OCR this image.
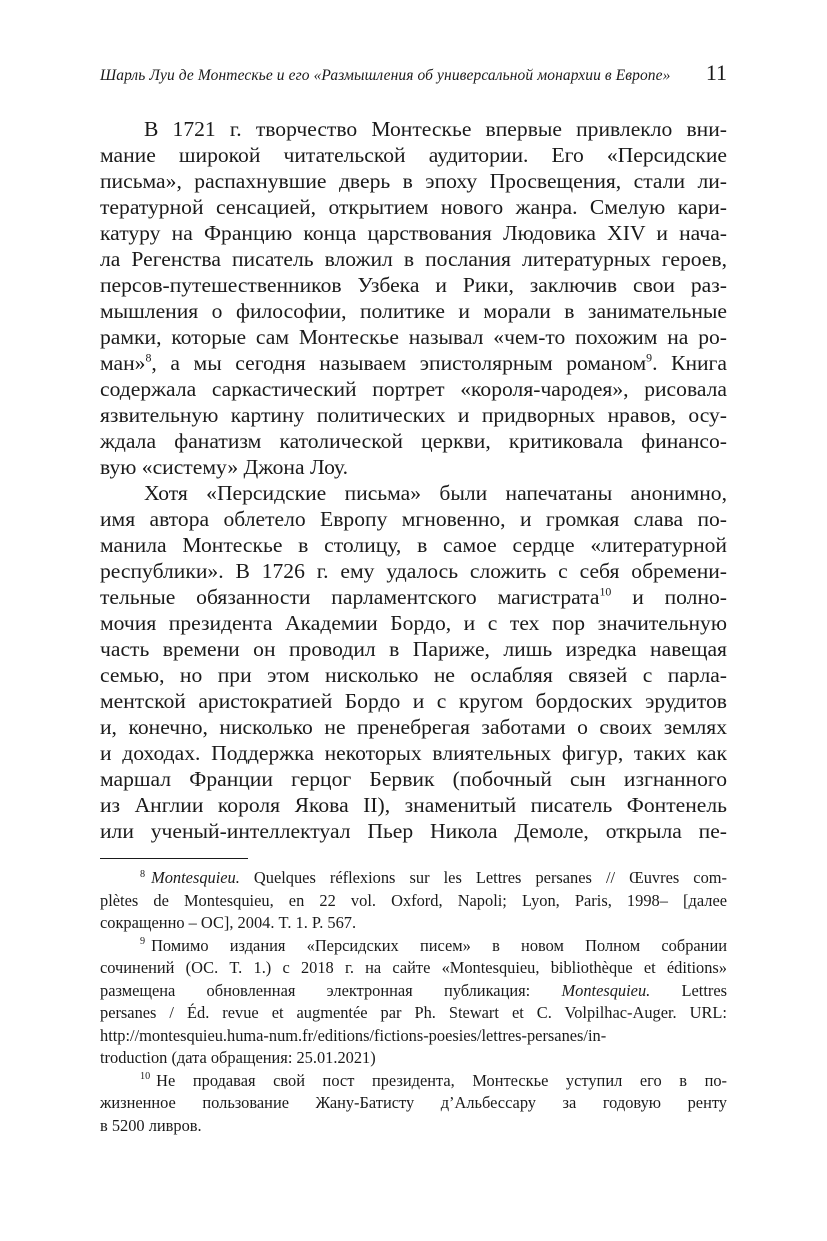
Шарль Луи де Монтескье и его «Размышления об универсальной монархии в Европе» 11

В 1721 г. творчество Монтескье впервые привлекло вни-
мание широкой читательской аудитории. Его «Персидские
письма», распахнувшие дверь в эпоху Просвещения, стали ли-
тературной сенсацией, открытием нового жанра. Смелую кари-
катуру на Францию конца царствования Людовика XIV и нача-
ла Регенства писатель вложил в послания литературных героев,
персов-путешественников Узбека и Рики, заключив свои раз-
мышления о философии, политике и морали в занимательные
рамки, которые сам Монтескье называл «чем-то похожим на ро-
ман»$^8$, а мы сегодня называем эпистолярным романом$^9$. Книга
содержала саркастический портрет «короля-чародея», рисовала
язвительную картину политических и придворных нравов, осу-
ждала фанатизм католической церкви, критиковала финансо-
вую «систему» Джона Лоу.

Хотя «Персидские письма» были напечатаны анонимно,
имя автора облетело Европу мгновенно, и громкая слава по-
манила Монтескье в столицу, в самое сердце «литературной
республики». В 1726 г. ему удалось сложить с себя обремени-
тельные обязанности парламентского магистрата$^{10}$ и полно-
мочия президента Академии Бордо, и с тех пор значительную
часть времени он проводил в Париже, лишь изредка навещая
семью, но при этом нисколько не ослабляя связей с парла-
ментской аристократией Бордо и с кругом бордоских эрудитов
и, конечно, нисколько не пренебрегая заботами о своих землях
и доходах. Поддержка некоторых влиятельных фигур, таких как
маршал Франции герцог Бервик (побочный сын изгнанного
из Англии короля Якова II), знаменитый писатель Фонтенель
или ученый-интеллектуал Пьер Никола Демоле, открыла пе-

$^8$ Montesquieu. Quelques réflexions sur les Lettres persanes // Œuvres com-
plètes de Montesquieu, en 22 vol. Oxford, Napoli; Lyon, Paris, 1998– [далее
сокращенно – ОС], 2004. T. 1. P. 567.

$^9$ Помимо издания «Персидских писем» в новом Полном собрании
сочинений (ОС. T. 1.) с 2018 г. на сайте «Montesquieu, bibliothèque et éditions»
размещена обновленная электронная публикация: Montesquieu. Lettres
persanes / Éd. revue et augmentée par Ph. Stewart et C. Volpilhac-Auger. URL:
http://montesquieu.huma-num.fr/editions/fictions-poesies/lettres-persanes/in-
troduction (дата обращения: 25.01.2021)

$^{10}$ Не продавая свой пост президента, Монтескье уступил его в по-
жизненное пользование Жану-Батисту д’Альбессару за годовую ренту
в 5200 ливров.
